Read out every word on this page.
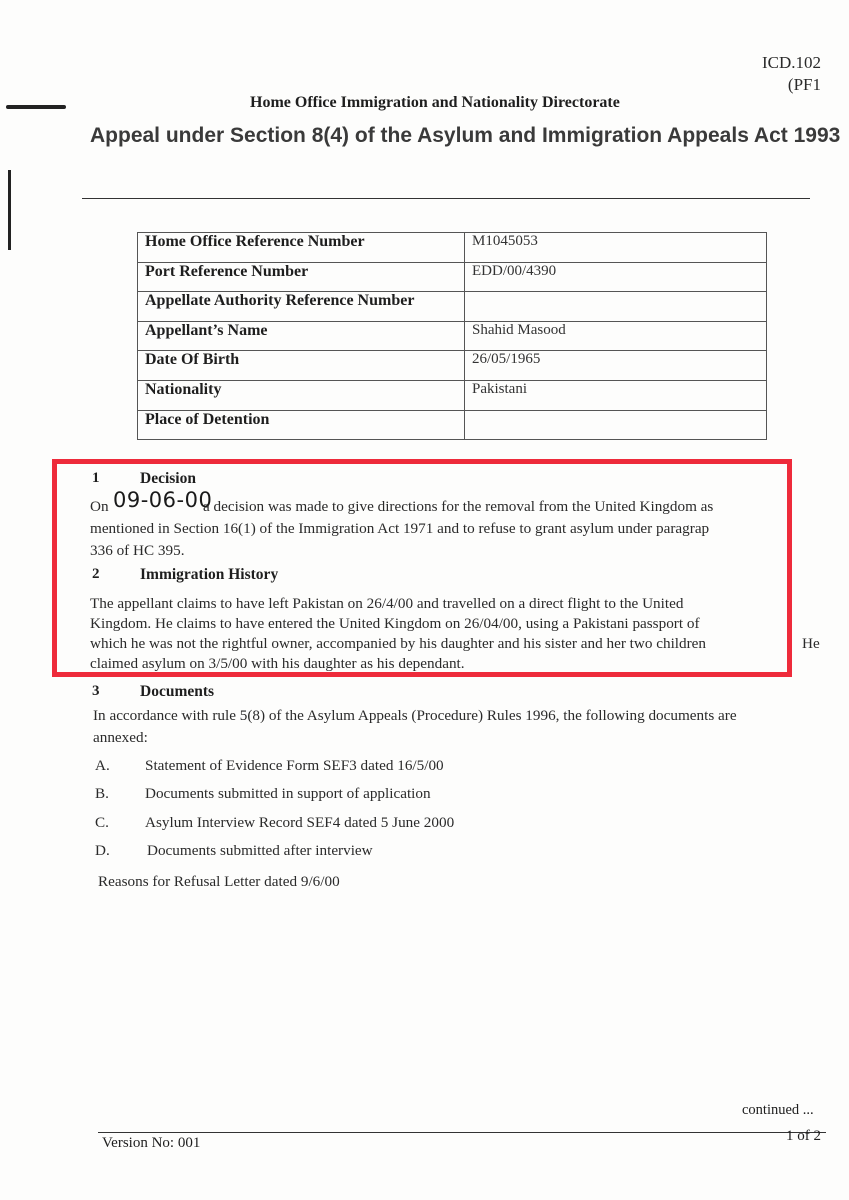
ICD.102
(PF1
Home Office Immigration and Nationality Directorate
Appeal under Section 8(4) of the Asylum and Immigration Appeals Act 1993
Home Office Reference Number	M1045053
Port Reference Number	EDD/00/4390
Appellate Authority Reference Number	
Appellant’s Name	Shahid Masood
Date Of Birth	26/05/1965
Nationality	Pakistani
Place of Detention	
1	Decision
On 09-06-00
a decision was made to give directions for the removal from the United Kingdom as
mentioned in Section 16(1) of the Immigration Act 1971 and to refuse to grant asylum under paragrap
336 of HC 395.
2	Immigration History
The appellant claims to have left Pakistan on 26/4/00 and travelled on a direct flight to the United
Kingdom. He claims to have entered the United Kingdom on 26/04/00, using a Pakistani passport of
which he was not the rightful owner, accompanied by his daughter and his sister and her two children	He
claimed asylum on 3/5/00 with his daughter as his dependant.
3	Documents
In accordance with rule 5(8) of the Asylum Appeals (Procedure) Rules 1996, the following documents are
annexed:
A. Statement of Evidence Form SEF3 dated 16/5/00
B. Documents submitted in support of application
C. Asylum Interview Record SEF4 dated 5 June 2000
D. Documents submitted after interview
Reasons for Refusal Letter dated 9/6/00
continued ...
Version No: 001	1 of 2
